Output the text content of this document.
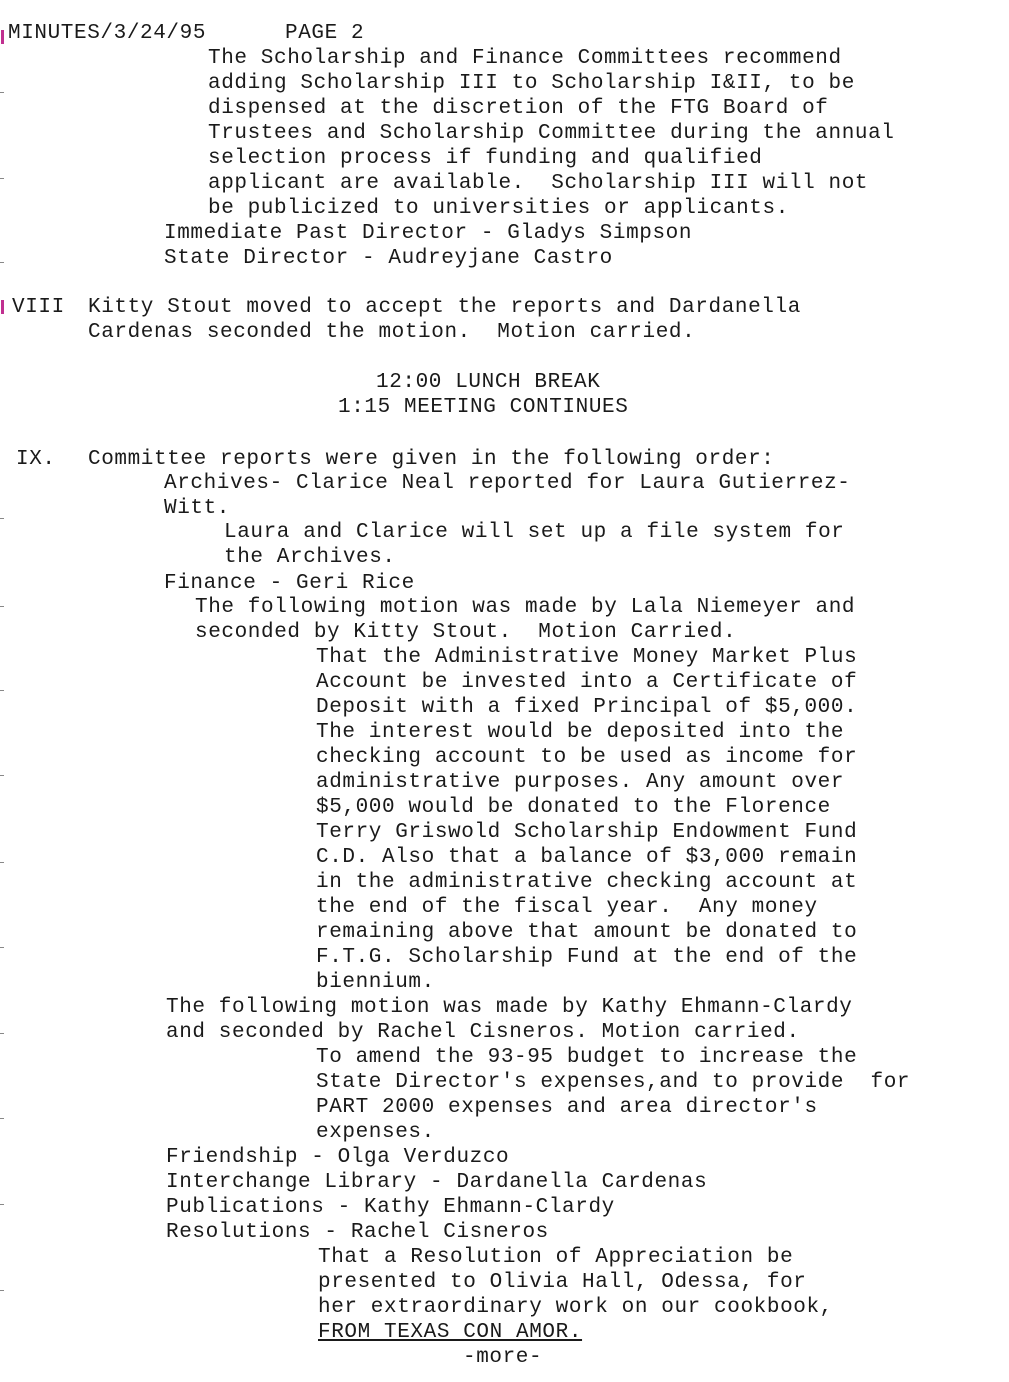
MINUTES/3/24/95	PAGE 2
The Scholarship and Finance Committees recommend
adding Scholarship III to Scholarship I&II, to be
dispensed at the discretion of the FTG Board of
Trustees and Scholarship Committee during the annual
selection process if funding and qualified
applicant are available.  Scholarship III will not
be publicized to universities or applicants.
Immediate Past Director - Gladys Simpson
State Director - Audreyjane Castro
VIII Kitty Stout moved to accept the reports and Dardanella
Cardenas seconded the motion.  Motion carried.
12:00 LUNCH BREAK
1:15 MEETING CONTINUES
IX. Committee reports were given in the following order:
Archives- Clarice Neal reported for Laura Gutierrez-
Witt.
Laura and Clarice will set up a file system for
the Archives.
Finance - Geri Rice
The following motion was made by Lala Niemeyer and
seconded by Kitty Stout.  Motion Carried.
That the Administrative Money Market Plus
Account be invested into a Certificate of
Deposit with a fixed Principal of $5,000.
The interest would be deposited into the
checking account to be used as income for
administrative purposes. Any amount over
$5,000 would be donated to the Florence
Terry Griswold Scholarship Endowment Fund
C.D. Also that a balance of $3,000 remain
in the administrative checking account at
the end of the fiscal year.  Any money
remaining above that amount be donated to
F.T.G. Scholarship Fund at the end of the
biennium.
The following motion was made by Kathy Ehmann-Clardy
and seconded by Rachel Cisneros. Motion carried.
To amend the 93-95 budget to increase the
State Director's expenses,and to provide  for
PART 2000 expenses and area director's
expenses.
Friendship - Olga Verduzco
Interchange Library - Dardanella Cardenas
Publications - Kathy Ehmann-Clardy
Resolutions - Rachel Cisneros
That a Resolution of Appreciation be
presented to Olivia Hall, Odessa, for
her extraordinary work on our cookbook,
FROM TEXAS CON AMOR.
-more-
